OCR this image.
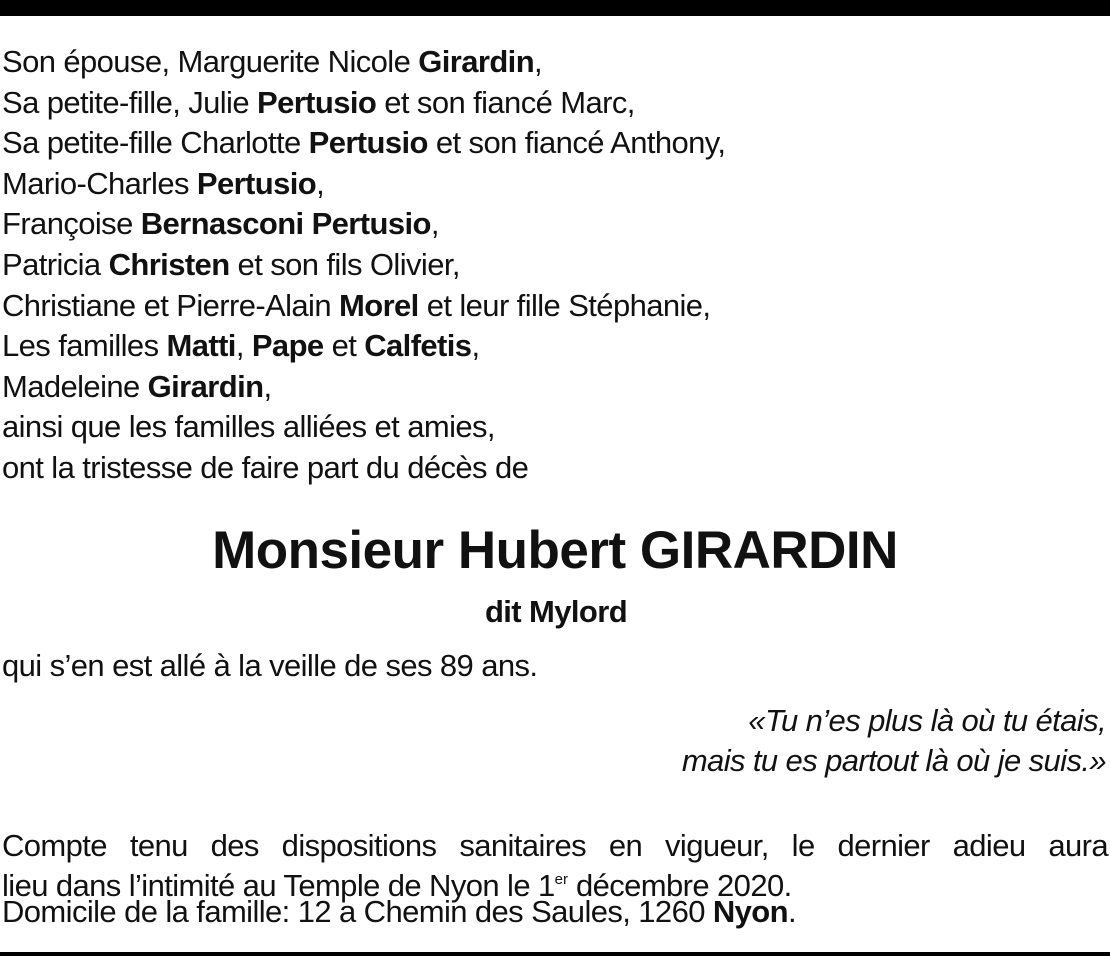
Son épouse, Marguerite Nicole Girardin,
Sa petite-fille, Julie Pertusio et son fiancé Marc,
Sa petite-fille Charlotte Pertusio et son fiancé Anthony,
Mario-Charles Pertusio,
Françoise Bernasconi Pertusio,
Patricia Christen et son fils Olivier,
Christiane et Pierre-Alain Morel et leur fille Stéphanie,
Les familles Matti, Pape et Calfetis,
Madeleine Girardin,
ainsi que les familles alliées et amies,
ont la tristesse de faire part du décès de
Monsieur Hubert GIRARDIN
dit Mylord
qui s’en est allé à la veille de ses 89 ans.
«Tu n’es plus là où tu étais,
mais tu es partout là où je suis.»
Compte tenu des dispositions sanitaires en vigueur, le dernier adieu aura
lieu dans l’intimité au Temple de Nyon le 1er décembre 2020.
Domicile de la famille: 12 a Chemin des Saules, 1260 Nyon.
